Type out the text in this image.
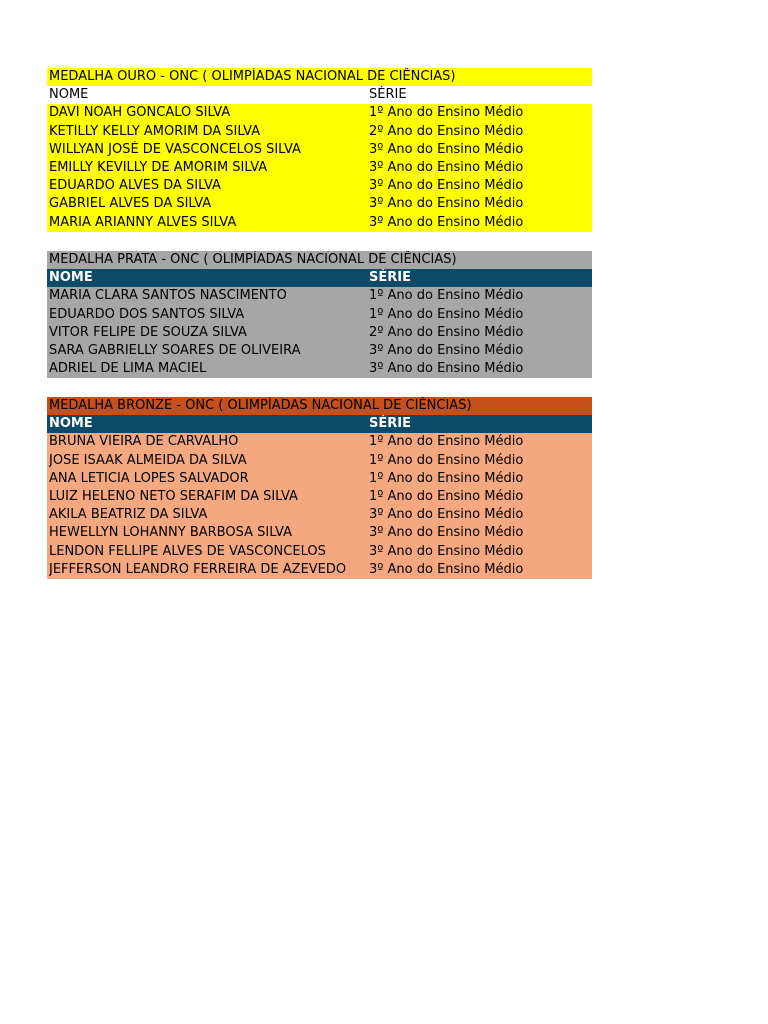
MEDALHA OURO - ONC ( OLIMPÍADAS NACIONAL DE CIÊNCIAS)
NOME	SÉRIE
DAVI NOAH GONCALO SILVA	1º Ano do Ensino Médio
KETILLY KELLY AMORIM DA SILVA	2º Ano do Ensino Médio
WILLYAN JOSÉ DE VASCONCELOS SILVA	3º Ano do Ensino Médio
EMILLY KEVILLY DE AMORIM SILVA	3º Ano do Ensino Médio
EDUARDO ALVES DA SILVA	3º Ano do Ensino Médio
GABRIEL ALVES DA SILVA	3º Ano do Ensino Médio
MARIA ARIANNY ALVES SILVA	3º Ano do Ensino Médio
MEDALHA PRATA - ONC ( OLIMPÍADAS NACIONAL DE CIÊNCIAS)
NOME	SÉRIE
MARIA CLARA SANTOS NASCIMENTO	1º Ano do Ensino Médio
EDUARDO DOS SANTOS SILVA	1º Ano do Ensino Médio
VITOR FELIPE DE SOUZA SILVA	2º Ano do Ensino Médio
SARA GABRIELLY SOARES DE OLIVEIRA	3º Ano do Ensino Médio
ADRIEL DE LIMA MACIEL	3º Ano do Ensino Médio
MEDALHA BRONZE - ONC ( OLIMPÍADAS NACIONAL DE CIÊNCIAS)
NOME	SÉRIE
BRUNA VIEIRA DE CARVALHO	1º Ano do Ensino Médio
JOSE ISAAK ALMEIDA DA SILVA	1º Ano do Ensino Médio
ANA LETICIA LOPES SALVADOR	1º Ano do Ensino Médio
LUIZ HELENO NETO SERAFIM DA SILVA	1º Ano do Ensino Médio
AKILA BEATRIZ DA SILVA	3º Ano do Ensino Médio
HEWELLYN LOHANNY BARBOSA SILVA	3º Ano do Ensino Médio
LENDON FELLIPE ALVES DE VASCONCELOS	3º Ano do Ensino Médio
JEFFERSON LEANDRO FERREIRA DE AZEVEDO	3º Ano do Ensino Médio
